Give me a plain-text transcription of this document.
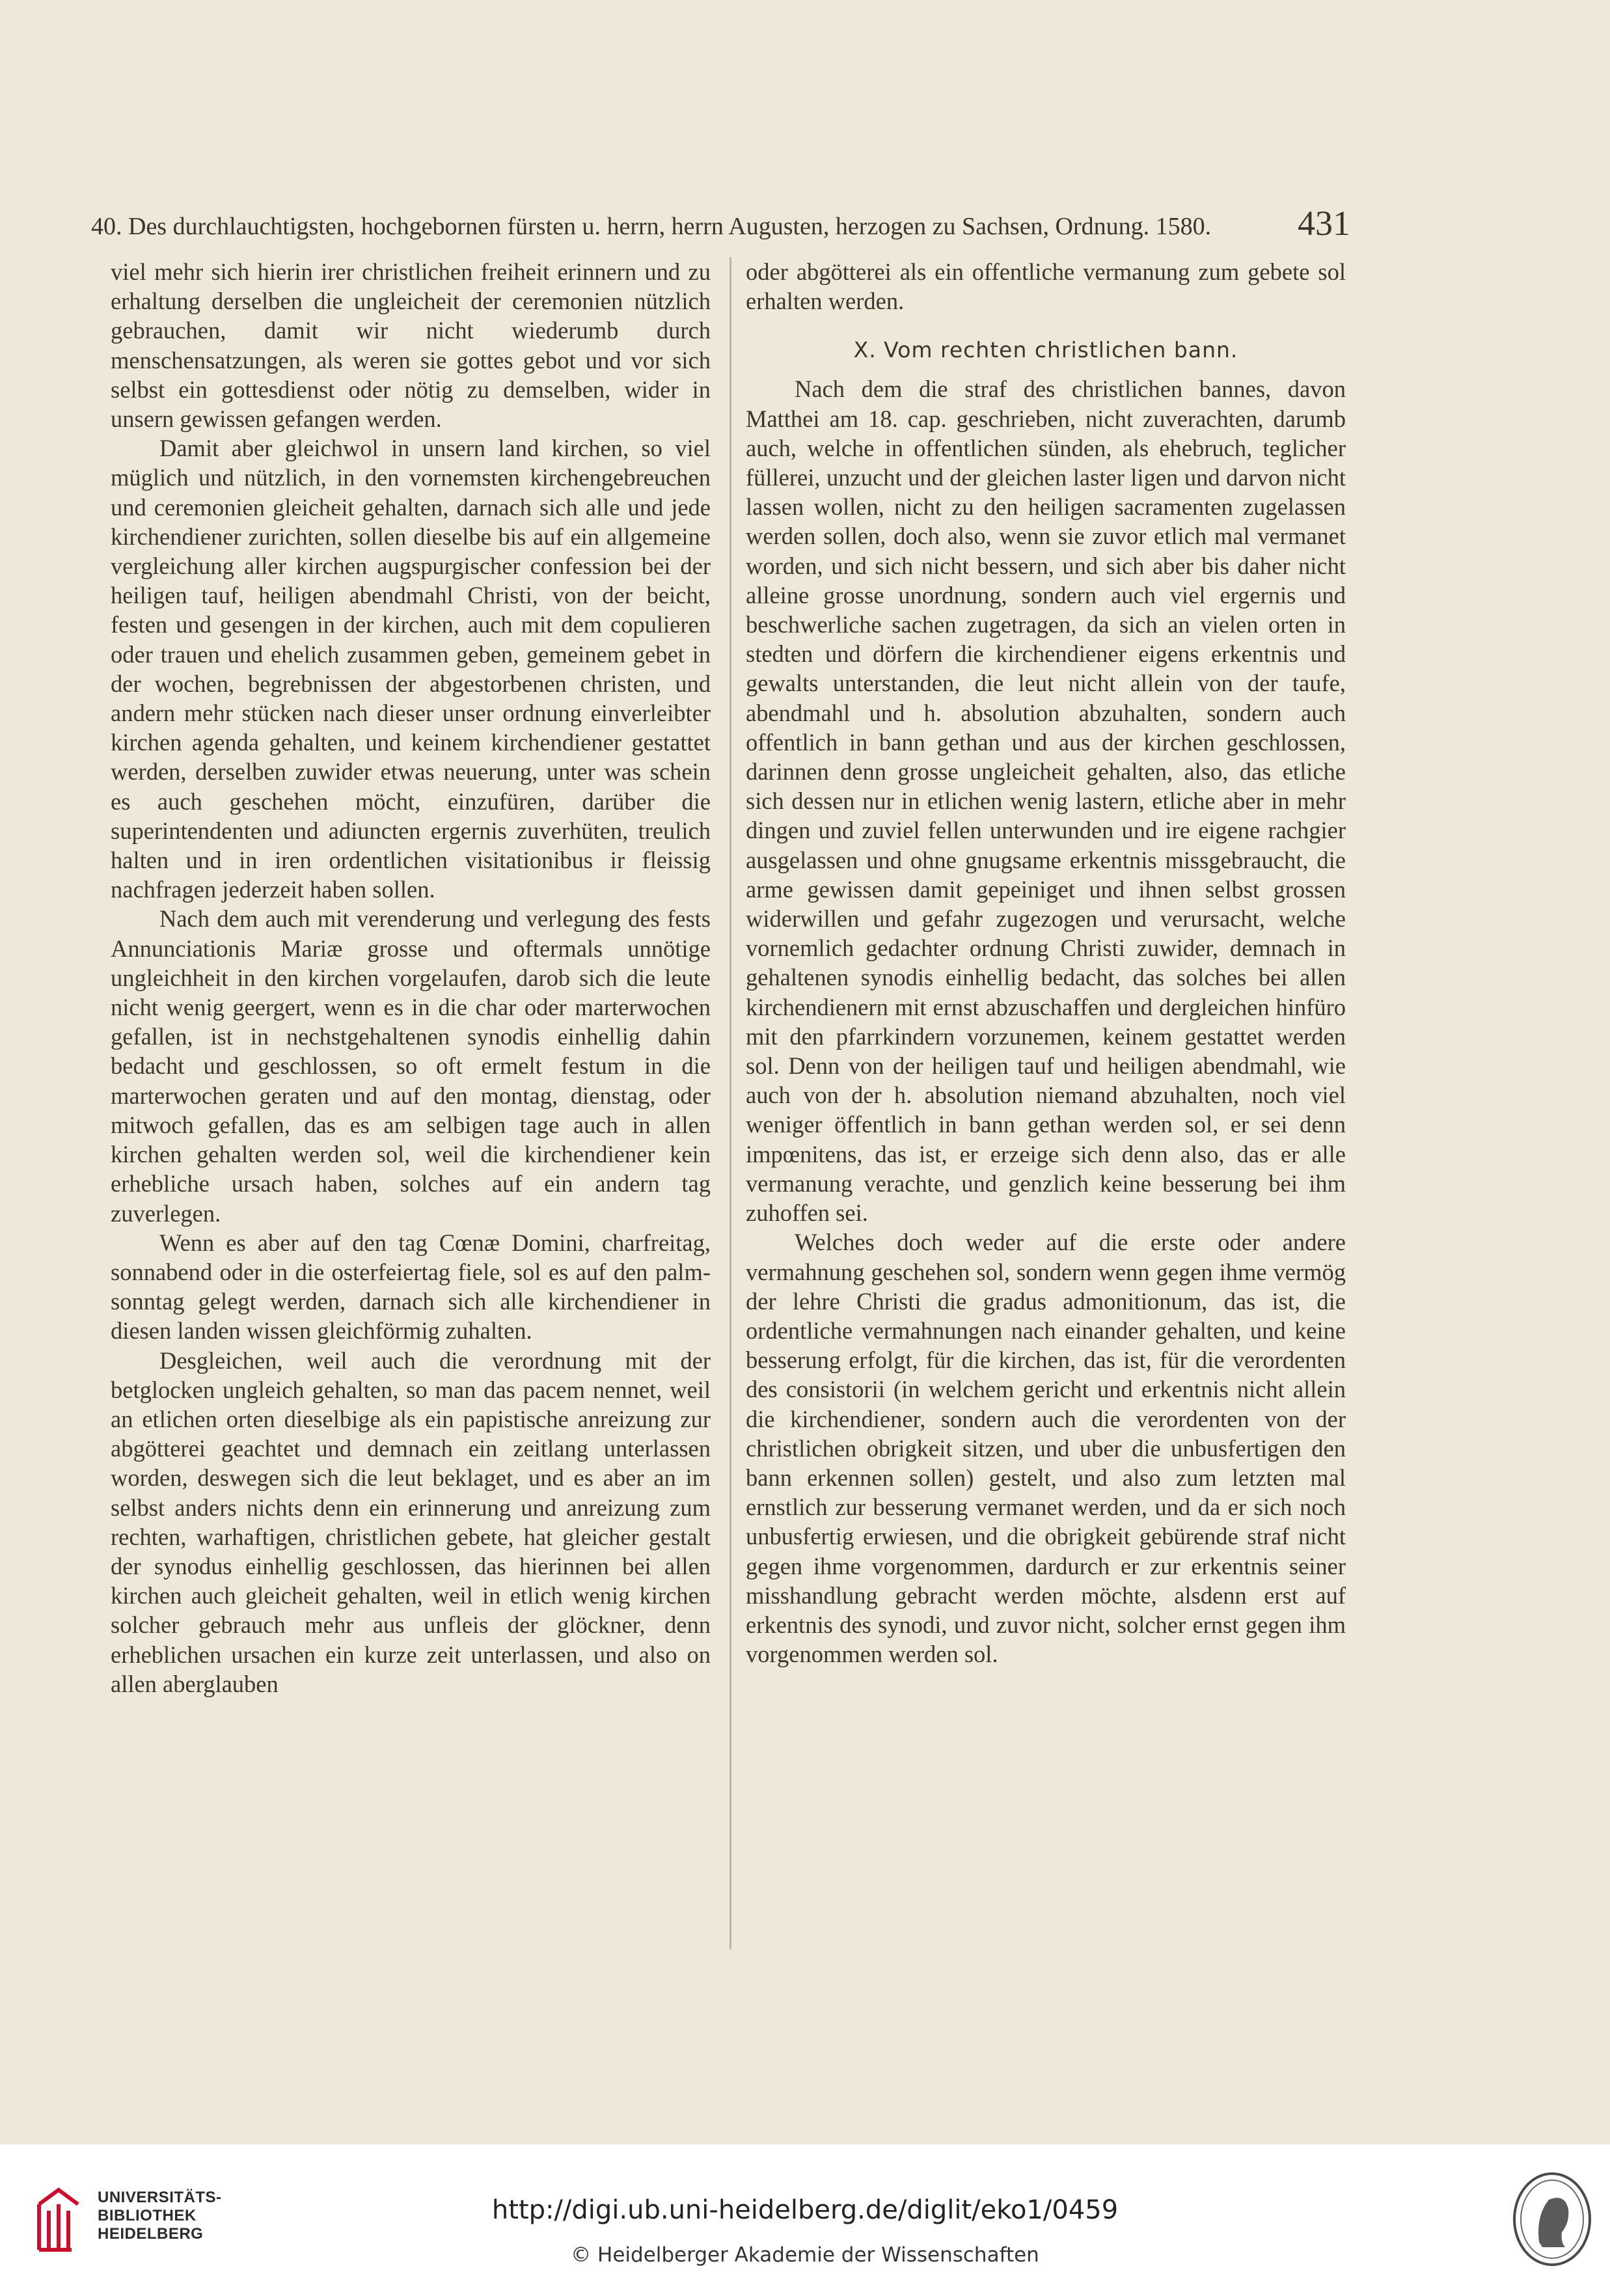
40. Des durchlauchtigsten, hochgebornen fürsten u. herrn, herrn Augusten, herzogen zu Sachsen, Ordnung. 1580. 431

viel mehr sich hierin irer christlichen freiheit erinnern und zu erhaltung derselben die ungleicheit der ceremonien nützlich gebrauchen, damit wir nicht wiederumb durch menschensatzungen, als weren sie gottes gebot und vor sich selbst ein gottesdienst oder nötig zu demselben, wider in unsern gewissen gefangen werden.

Damit aber gleichwol in unsern land kirchen, so viel müglich und nützlich, in den vornemsten kirchengebreuchen und ceremonien gleicheit gehalten, darnach sich alle und jede kirchendiener zurichten, sollen dieselbe bis auf ein allgemeine vergleichung aller kirchen augspurgischer confession bei der heiligen tauf, heiligen abendmahl Christi, von der beicht, festen und gesengen in der kirchen, auch mit dem copulieren oder trauen und ehelich zusammen geben, gemeinem gebet in der wochen, begrebnissen der abgestorbenen christen, und andern mehr stücken nach dieser unser ordnung einverleibter kirchen agenda gehalten, und keinem kirchendiener gestattet werden, derselben zuwider etwas neuerung, unter was schein es auch geschehen möcht, einzufüren, darüber die superintendenten und adiuncten ergernis zuverhüten, treulich halten und in iren ordentlichen visitationibus ir fleissig nachfragen jederzeit haben sollen.

Nach dem auch mit verenderung und verlegung des fests Annunciationis Mariæ grosse und oftermals unnötige ungleichheit in den kirchen vorgelaufen, darob sich die leute nicht wenig geergert, wenn es in die char oder marterwochen gefallen, ist in nechstgehaltenen synodis einhellig dahin bedacht und geschlossen, so oft ermelt festum in die marterwochen geraten und auf den montag, dienstag, oder mitwoch gefallen, das es am selbigen tage auch in allen kirchen gehalten werden sol, weil die kirchendiener kein erhebliche ursach haben, solches auf ein andern tag zuverlegen.

Wenn es aber auf den tag Cœnæ Domini, charfreitag, sonnabend oder in die osterfeiertag fiele, sol es auf den palm-sonntag gelegt werden, darnach sich alle kirchendiener in diesen landen wissen gleichförmig zuhalten.

Desgleichen, weil auch die verordnung mit der betglocken ungleich gehalten, so man das pacem nennet, weil an etlichen orten dieselbige als ein papistische anreizung zur abgötterei geachtet und demnach ein zeitlang unterlassen worden, deswegen sich die leut beklaget, und es aber an im selbst anders nichts denn ein erinnerung und anreizung zum rechten, warhaftigen, christlichen gebete, hat gleicher gestalt der synodus einhellig geschlossen, das hierinnen bei allen kirchen auch gleicheit gehalten, weil in etlich wenig kirchen solcher gebrauch mehr aus unfleis der glöckner, denn erheblichen ursachen ein kurze zeit unterlassen, und also on allen aberglauben

oder abgötterei als ein offentliche vermanung zum gebete sol erhalten werden.

X. Vom rechten christlichen bann.

Nach dem die straf des christlichen bannes, davon Matthei am 18. cap. geschrieben, nicht zuverachten, darumb auch, welche in offentlichen sünden, als ehebruch, teglicher füllerei, unzucht und der gleichen laster ligen und darvon nicht lassen wollen, nicht zu den heiligen sacramenten zugelassen werden sollen, doch also, wenn sie zuvor etlich mal vermanet worden, und sich nicht bessern, und sich aber bis daher nicht alleine grosse unordnung, sondern auch viel ergernis und beschwerliche sachen zugetragen, da sich an vielen orten in stedten und dörfern die kirchendiener eigens erkentnis und gewalts unterstanden, die leut nicht allein von der taufe, abendmahl und h. absolution abzuhalten, sondern auch offentlich in bann gethan und aus der kirchen geschlossen, darinnen denn grosse ungleicheit gehalten, also, das etliche sich dessen nur in etlichen wenig lastern, etliche aber in mehr dingen und zuviel fellen unterwunden und ire eigene rachgier ausgelassen und ohne gnugsame erkentnis missgebraucht, die arme gewissen damit gepeiniget und ihnen selbst grossen widerwillen und gefahr zugezogen und verursacht, welche vornemlich gedachter ordnung Christi zuwider, demnach in gehaltenen synodis einhellig bedacht, das solches bei allen kirchendienern mit ernst abzuschaffen und dergleichen hinfüro mit den pfarrkindern vorzunemen, keinem gestattet werden sol. Denn von der heiligen tauf und heiligen abendmahl, wie auch von der h. absolution niemand abzuhalten, noch viel weniger öffentlich in bann gethan werden sol, er sei denn impœnitens, das ist, er erzeige sich denn also, das er alle vermanung verachte, und genzlich keine besserung bei ihm zuhoffen sei.

Welches doch weder auf die erste oder andere vermahnung geschehen sol, sondern wenn gegen ihme vermög der lehre Christi die gradus admonitionum, das ist, die ordentliche vermahnungen nach einander gehalten, und keine besserung erfolgt, für die kirchen, das ist, für die verordenten des consistorii (in welchem gericht und erkentnis nicht allein die kirchendiener, sondern auch die verordenten von der christlichen obrigkeit sitzen, und uber die unbusfertigen den bann erkennen sollen) gestelt, und also zum letzten mal ernstlich zur besserung vermanet werden, und da er sich noch unbusfertig erwiesen, und die obrigkeit gebürende straf nicht gegen ihme vorgenommen, dardurch er zur erkentnis seiner misshandlung gebracht werden möchte, alsdenn erst auf erkentnis des synodi, und zuvor nicht, solcher ernst gegen ihm vorgenommen werden sol.

UNIVERSITÄTS-
BIBLIOTHEK
HEIDELBERG
http://digi.ub.uni-heidelberg.de/diglit/eko1/0459
© Heidelberger Akademie der Wissenschaften
